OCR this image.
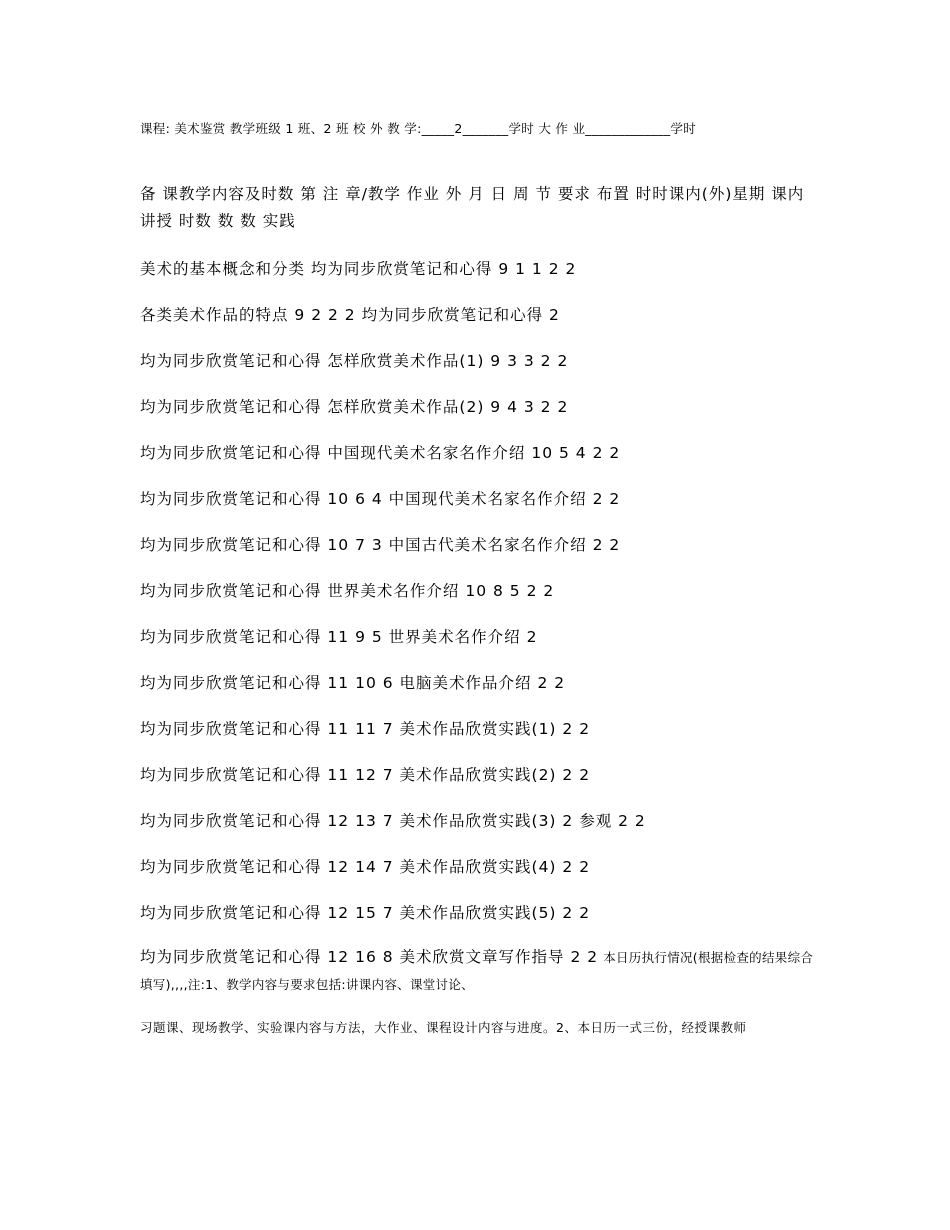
课程: 美术鉴赏 教学班级 1 班、2 班 校 外 教 学:_____2_______学时 大 作 业_____________学时

备 课教学内容及时数 第 注 章/教学 作业 外 月 日 周 节 要求 布置 时时课内(外)星期 课内讲授 时数 数 数 实践

美术的基本概念和分类 均为同步欣赏笔记和心得 9 1 1 2 2

各类美术作品的特点 9 2 2 2 均为同步欣赏笔记和心得 2

均为同步欣赏笔记和心得 怎样欣赏美术作品(1) 9 3 3 2 2

均为同步欣赏笔记和心得 怎样欣赏美术作品(2) 9 4 3 2 2

均为同步欣赏笔记和心得 中国现代美术名家名作介绍 10 5 4 2 2

均为同步欣赏笔记和心得 10 6 4 中国现代美术名家名作介绍 2 2

均为同步欣赏笔记和心得 10 7 3 中国古代美术名家名作介绍 2 2

均为同步欣赏笔记和心得 世界美术名作介绍 10 8 5 2 2

均为同步欣赏笔记和心得 11 9 5 世界美术名作介绍 2

均为同步欣赏笔记和心得 11 10 6 电脑美术作品介绍 2 2

均为同步欣赏笔记和心得 11 11 7 美术作品欣赏实践(1) 2 2

均为同步欣赏笔记和心得 11 12 7 美术作品欣赏实践(2) 2 2

均为同步欣赏笔记和心得 12 13 7 美术作品欣赏实践(3) 2 参观 2 2

均为同步欣赏笔记和心得 12 14 7 美术作品欣赏实践(4) 2 2

均为同步欣赏笔记和心得 12 15 7 美术作品欣赏实践(5) 2 2

均为同步欣赏笔记和心得 12 16 8 美术欣赏文章写作指导 2 2 本日历执行情况(根据检查的结果综合填写),,,,注:1、教学内容与要求包括:讲课内容、课堂讨论、

习题课、现场教学、实验课内容与方法，大作业、课程设计内容与进度。2、本日历一式三份，经授课教师
